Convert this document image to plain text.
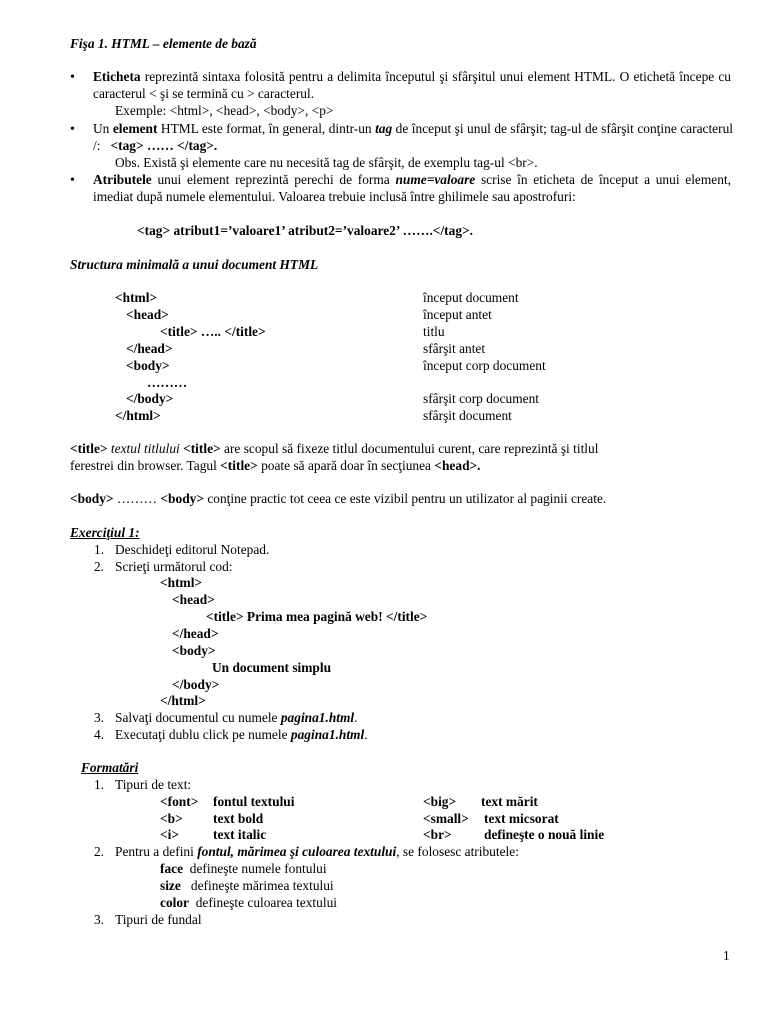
Fişa 1. HTML – elemente de bază
• Eticheta reprezintă sintaxa folosită pentru a delimita începutul şi sfârşitul unui element HTML. O etichetă începe cu caracterul < şi se termină cu > caracterul.
Exemple: <html>, <head>, <body>, <p>
• Un element HTML este format, în general, dintr-un tag de început şi unul de sfârşit; tag-ul de sfârşit conţine caracterul /: <tag> …… </tag>.
Obs. Există şi elemente care nu necesită tag de sfârşit, de exemplu tag-ul <br>.
• Atributele unui element reprezintă perechi de forma nume=valoare scrise în eticheta de început a unui element, imediat după numele elementului. Valoarea trebuie inclusă între ghilimele sau apostrofuri:
<tag> atribut1=’valoare1’ atribut2=’valoare2’ …….</tag>.
Structura minimală a unui document HTML
<html>	început document
<head>	început antet
<title> ….. </title>	titlu
</head>	sfârşit antet
<body>	început corp document
………
</body>	sfârşit corp document
</html>	sfârşit document
<title> textul titlului <title> are scopul să fixeze titlul documentului curent, care reprezintă şi titlul
ferestrei din browser. Tagul <title> poate să apară doar în secţiunea <head>.
<body> ……… <body> conţine practic tot ceea ce este vizibil pentru un utilizator al paginii create.
Exerciţiul 1:
1. Deschideţi editorul Notepad.
2. Scrieţi următorul cod:
<html>
<head>
<title> Prima mea pagină web! </title>
</head>
<body>
Un document simplu
</body>
</html>
3. Salvaţi documentul cu numele pagina1.html.
4. Executaţi dublu click pe numele pagina1.html.
Formatări
1. Tipuri de text:
<font> fontul textului	<big> text mărit
<b> text bold	<small> text micsorat
<i>	text italic	<br> defineşte o nouă linie
2. Pentru a defini fontul, mărimea şi culoarea textului, se folosesc atributele:
face defineşte numele fontului
size defineşte mărimea textului
color defineşte culoarea textului
3. Tipuri de fundal
1
